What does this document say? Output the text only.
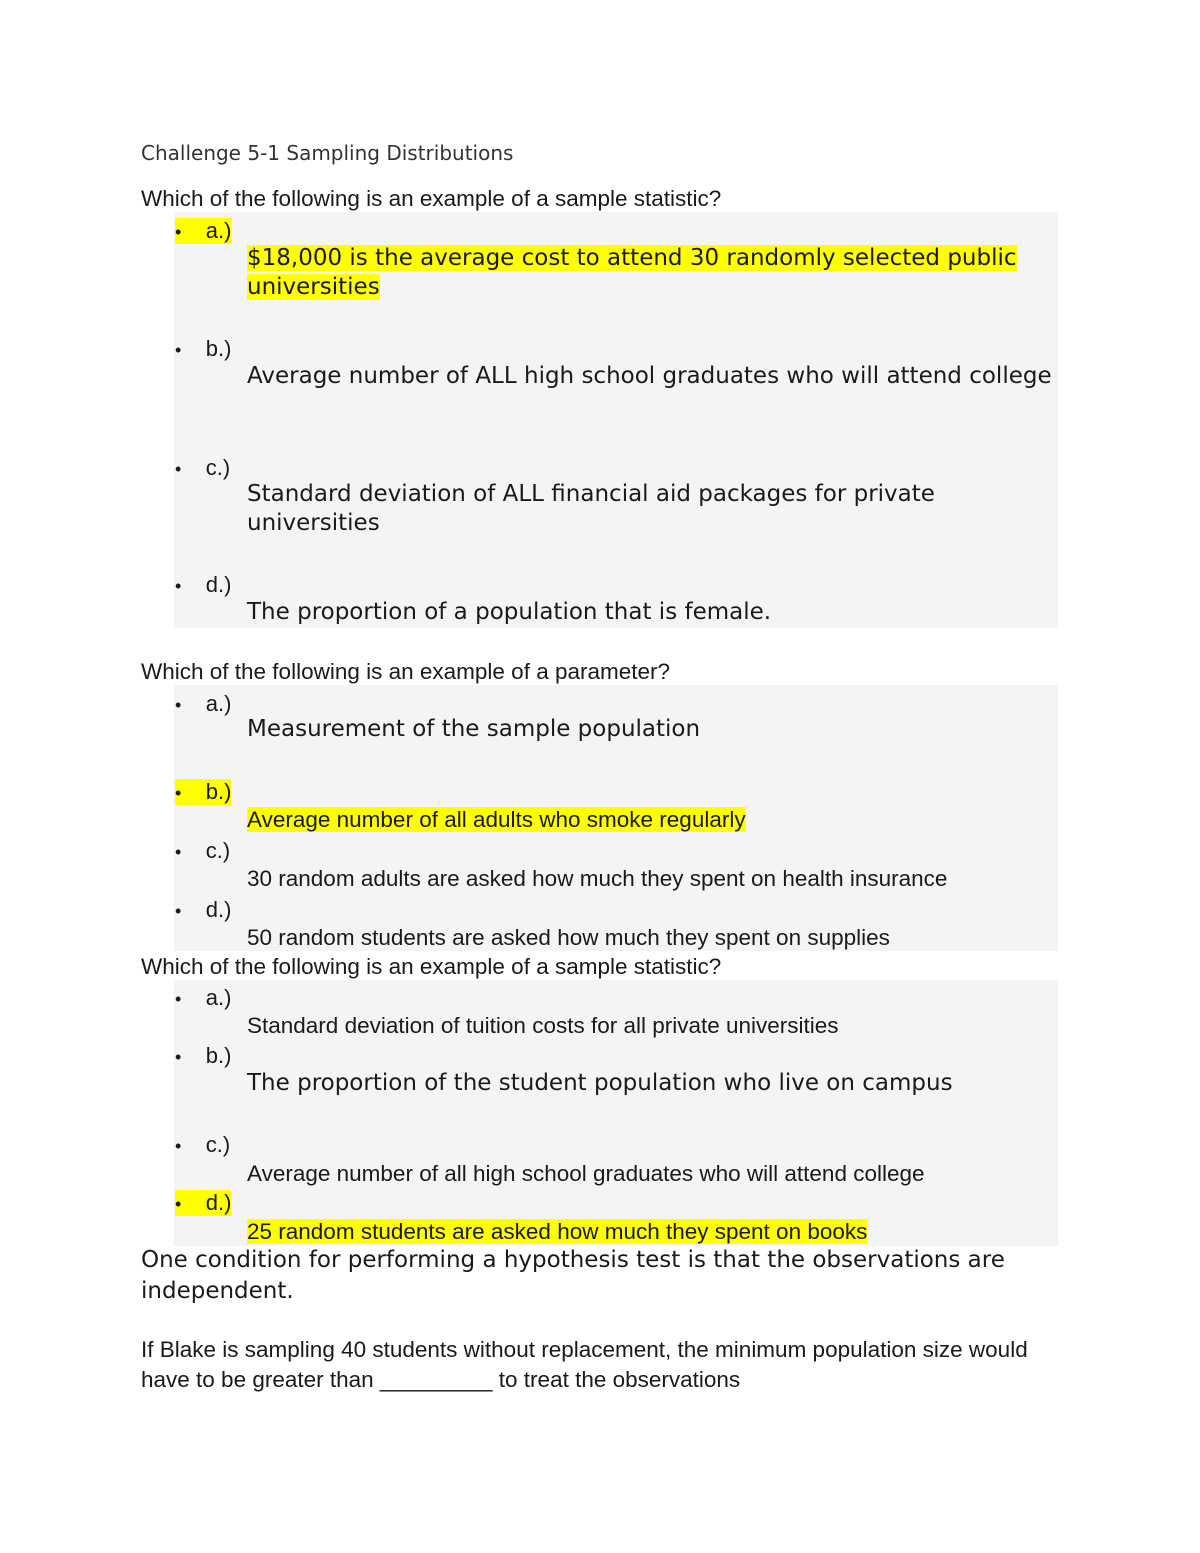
Challenge 5-1 Sampling Distributions
Which of the following is an example of a sample statistic?
• a.)
$18,000 is the average cost to attend 30 randomly selected public universities
• b.)
Average number of ALL high school graduates who will attend college
• c.)
Standard deviation of ALL financial aid packages for private universities
• d.)
The proportion of a population that is female.
Which of the following is an example of a parameter?
• a.)
Measurement of the sample population
• b.)
Average number of all adults who smoke regularly
• c.)
30 random adults are asked how much they spent on health insurance
• d.)
50 random students are asked how much they spent on supplies
Which of the following is an example of a sample statistic?
• a.)
Standard deviation of tuition costs for all private universities
• b.)
The proportion of the student population who live on campus
• c.)
Average number of all high school graduates who will attend college
• d.)
25 random students are asked how much they spent on books
One condition for performing a hypothesis test is that the observations are independent.
If Blake is sampling 40 students without replacement, the minimum population size would have to be greater than _________ to treat the observations
